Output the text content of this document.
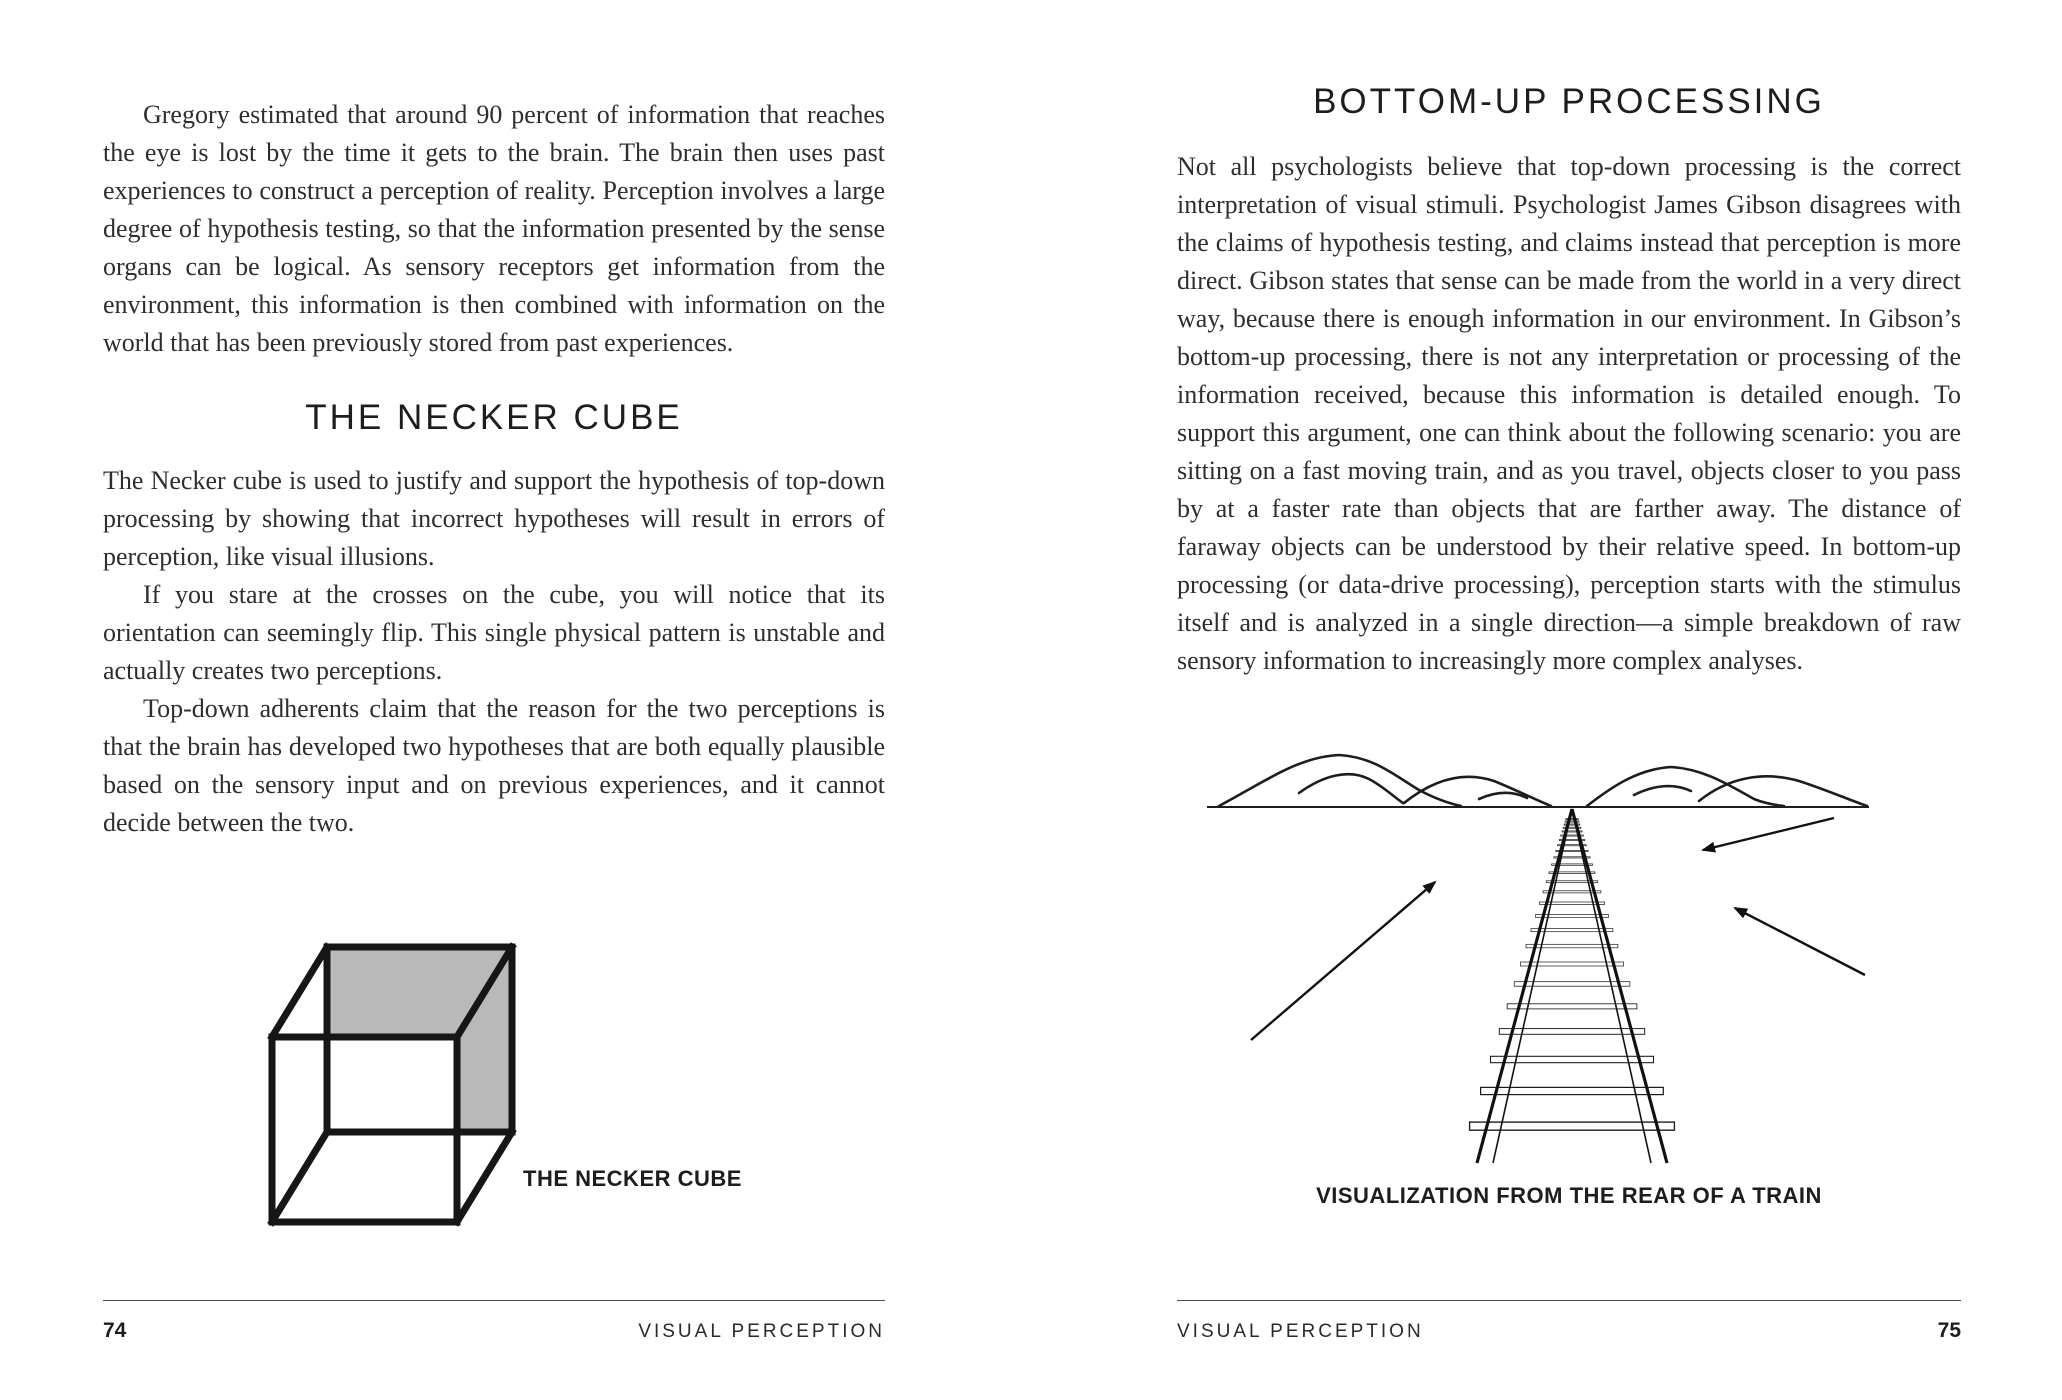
Gregory estimated that around 90 percent of information that reaches the eye is lost by the time it gets to the brain. The brain then uses past experiences to construct a perception of reality. Perception involves a large degree of hypothesis testing, so that the information presented by the sense organs can be logical. As sensory receptors get information from the environment, this information is then combined with information on the world that has been previously stored from past experiences.

THE NECKER CUBE

The Necker cube is used to justify and support the hypothesis of top-down processing by showing that incorrect hypotheses will result in errors of perception, like visual illusions.

If you stare at the crosses on the cube, you will notice that its orientation can seemingly flip. This single physical pattern is unstable and actually creates two perceptions.

Top-down adherents claim that the reason for the two perceptions is that the brain has developed two hypotheses that are both equally plausible based on the sensory input and on previous experiences, and it cannot decide between the two.

THE NECKER CUBE
74	VISUAL PERCEPTION
BOTTOM-UP PROCESSING

Not all psychologists believe that top-down processing is the correct interpretation of visual stimuli. Psychologist James Gibson disagrees with the claims of hypothesis testing, and claims instead that perception is more direct. Gibson states that sense can be made from the world in a very direct way, because there is enough information in our environment. In Gibson’s bottom-up processing, there is not any interpretation or processing of the information received, because this information is detailed enough. To support this argument, one can think about the following scenario: you are sitting on a fast moving train, and as you travel, objects closer to you pass by at a faster rate than objects that are farther away. The distance of faraway objects can be understood by their relative speed. In bottom-up processing (or data-drive processing), perception starts with the stimulus itself and is analyzed in a single direction—a simple breakdown of raw sensory information to increasingly more complex analyses.

VISUALIZATION FROM THE REAR OF A TRAIN
VISUAL PERCEPTION	75
